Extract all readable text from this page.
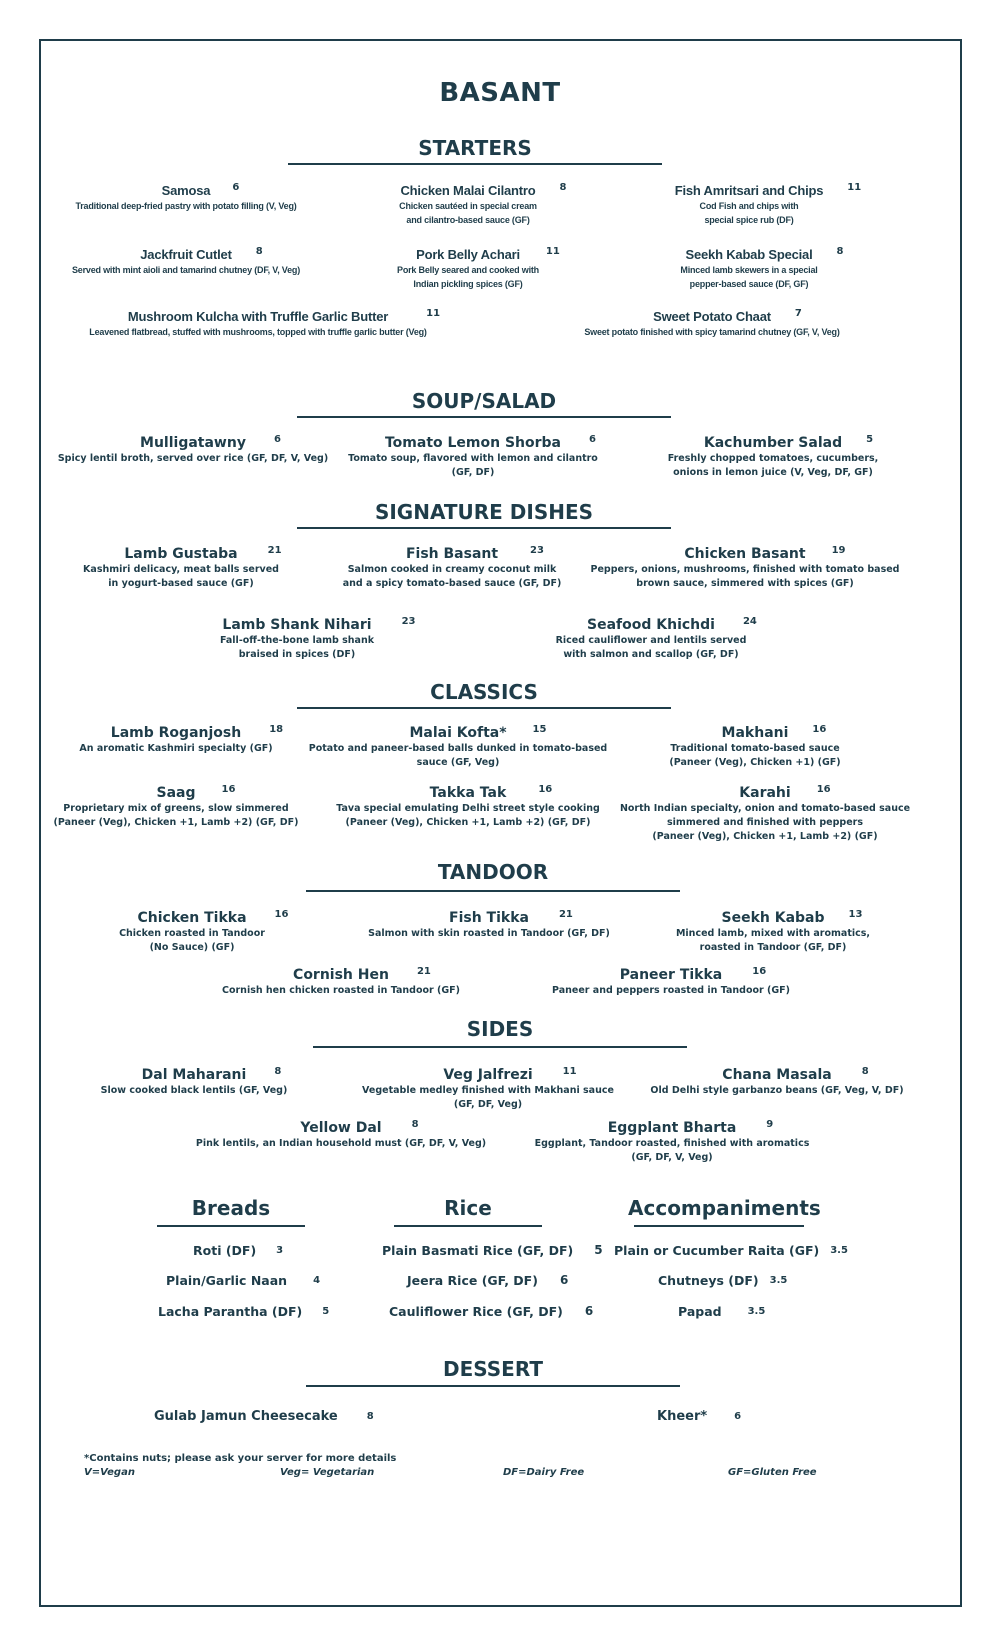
BASANT
STARTERS
Samosa 6
Traditional deep-fried pastry with potato filling (V, Veg)
Chicken Malai Cilantro 8
Chicken sautéed in special cream
and cilantro-based sauce (GF)
Fish Amritsari and Chips 11
Cod Fish and chips with
special spice rub (DF)
Jackfruit Cutlet 8
Served with mint aioli and tamarind chutney (DF, V, Veg)
Pork Belly Achari	11
Pork Belly seared and cooked with
Indian pickling spices (GF)
Seekh Kabab Special 8
Minced lamb skewers in a special
pepper-based sauce (DF, GF)
Mushroom Kulcha with Truffle Garlic Butter	11
Leavened flatbread, stuffed with mushrooms, topped with truffle garlic butter (Veg)
Sweet Potato Chaat 7
Sweet potato finished with spicy tamarind chutney (GF, V, Veg)
SOUP/SALAD
Mulligatawny	6
Spicy lentil broth, served over rice (GF, DF, V, Veg)
Tomato Lemon Shorba	6
Tomato soup, flavored with lemon and cilantro
(GF, DF)
Kachumber Salad 5
Freshly chopped tomatoes, cucumbers,
onions in lemon juice (V, Veg, DF, GF)
SIGNATURE DISHES
Lamb Gustaba	21
Kashmiri delicacy, meat balls served
in yogurt-based sauce (GF)
Fish Basant	23
Salmon cooked in creamy coconut milk
and a spicy tomato-based sauce (GF, DF)
Chicken Basant	19
Peppers, onions, mushrooms, finished with tomato based
brown sauce, simmered with spices (GF)
Lamb Shank Nihari	23
Fall-off-the-bone lamb shank
braised in spices (DF)
Seafood Khichdi	24
Riced cauliflower and lentils served
with salmon and scallop (GF, DF)
CLASSICS
Lamb Roganjosh	18
An aromatic Kashmiri specialty (GF)
Malai Kofta*	15
Potato and paneer-based balls dunked in tomato-based
sauce (GF, Veg)
Makhani 16
Traditional tomato-based sauce
(Paneer (Veg), Chicken +1) (GF)
Saag	16
Proprietary mix of greens, slow simmered
(Paneer (Veg), Chicken +1, Lamb +2) (GF, DF)
Takka Tak	16
Tava special emulating Delhi street style cooking
(Paneer (Veg), Chicken +1, Lamb +2) (GF, DF)
Karahi	16
North Indian specialty, onion and tomato-based sauce
simmered and finished with peppers
(Paneer (Veg), Chicken +1, Lamb +2) (GF)
TANDOOR
Chicken Tikka	16
Chicken roasted in Tandoor
(No Sauce) (GF)
Fish Tikka	21
Salmon with skin roasted in Tandoor (GF, DF)
Seekh Kabab 13
Minced lamb, mixed with aromatics,
roasted in Tandoor (GF, DF)
Cornish Hen	21
Cornish hen chicken roasted in Tandoor (GF)
Paneer Tikka	16
Paneer and peppers roasted in Tandoor (GF)
SIDES
Dal Maharani	8
Slow cooked black lentils (GF, Veg)
Veg Jalfrezi	11
Vegetable medley finished with Makhani sauce
(GF, DF, Veg)
Chana Masala	8
Old Delhi style garbanzo beans (GF, Veg, V, DF)
Yellow Dal	8
Pink lentils, an Indian household must (GF, DF, V, Veg)
Eggplant Bharta	9
Eggplant, Tandoor roasted, finished with aromatics
(GF, DF, V, Veg)
Breads	Rice	Accompaniments
Roti (DF) 3
Plain/Garlic Naan	4
Lacha Parantha (DF) 5
Plain Basmati Rice (GF, DF) 5
Jeera Rice (GF, DF) 6
Cauliflower Rice (GF, DF) 6
Plain or Cucumber Raita (GF) 3.5
Chutneys (DF) 3.5
Papad	3.5
DESSERT
Gulab Jamun Cheesecake	8	Kheer*	6
*Contains nuts; please ask your server for more details
V=Vegan	Veg= Vegetarian	DF=Dairy Free	GF=Gluten Free
